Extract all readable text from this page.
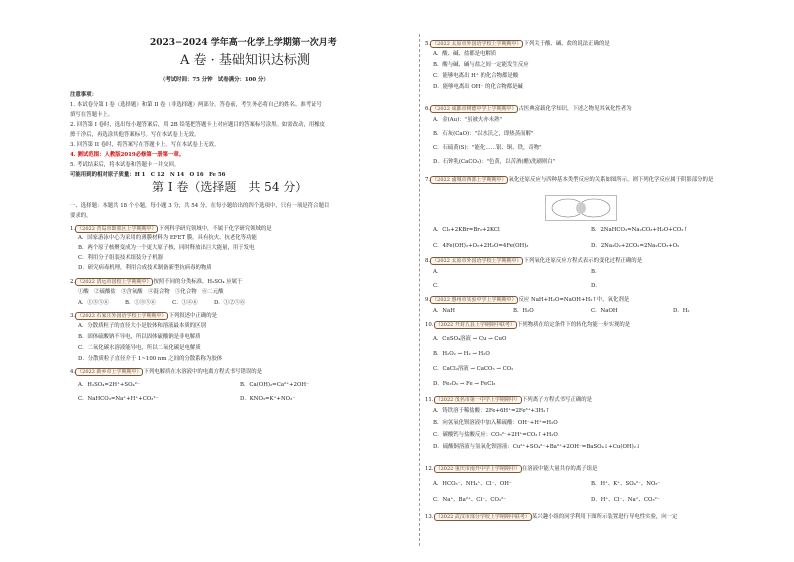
2023−2024 学年高一化学上学期第一次月考
A 卷 · 基础知识达标测
（考试时间：75 分钟　试卷满分：100 分）
注意事项：
1. 本试卷分第 I 卷（选择题）和第 II 卷（非选择题）两部分。答卷前，考生务必将自己的姓名、准考证号
填写在答题卡上。
2. 回答第 I 卷时，选出每小题答案后，用 2B 铅笔把答题卡上对应题目的答案标号涂黑。如需改动，用橡皮
擦干净后，再选涂其他答案标号。写在本试卷上无效。
3. 回答第 II 卷时，将答案写在答题卡上。写在本试卷上无效。
4. 测试范围：人教版2019必修第一册第一章。
5. 考试结束后，将本试卷和答题卡一并交回。
可能用到的相对原子质量：H 1　C 12　N 14　O 16　Fe 56
第 I 卷（选择题　共 54 分）
一、选择题：本题共 18 个小题，每小题 3 分，共 54 分。在每小题给出的四个选项中，只有一项是符合题目
要求的。
1. （2022 青岛市即墨区上学期期中） 下列科学研究领域中，不属于化学研究领域的是
A．国家游泳中心为采用的薄膜材料为 EFET 膜，具有抗火、抗老化等功能
B．两个原子核聚变成为一个更大原子核，同时释放出巨大能量，用于发电
C．利用分子组装技术组装分子机器
D．研究病毒机理，利用合成技术制备新型抗病毒的物质
2. （2022 清远市国校上学期期中） 按照不同的分类标准，H₂SO₄ 应属于
①酸　②硫酸盐　③含氧酸　④混合物　⑤化合物　⑥二元酸
A．①③⑤⑥　　　B．①③⑤⑥　　　C．①④⑥　　　D．①②⑤⑥
3. （2022 石家庄外国语学校上学期期中） 下列叙述中正确的是
A．分散质粒子的直径大小是胶体和溶液最本质的区别
B．固体硫酸钠不导电，所以固体硫酸钠是非电解质
C．二氧化碳水溶液能导电，所以二氧化碳是电解质
D．分散质粒子直径介于 1~100 nm 之间的分散系称为胶体
4. （2022 新乡市上学期期中） 下列电解质在水溶液中的电离方程式书写错误的是
A．H₂SO₄=2H⁺+SO₄²⁻	B．Ca(OH)₂=Ca²⁺+2OH⁻
C．NaHCO₃=Na⁺+H⁺+CO₃²⁻	D．KNO₃=K⁺+NO₃⁻
5. （2022 太原市外国语学校上学期期中） 下列关于酸、碱、盐的说法正确的是
A．酸、碱、盐都是电解质
B．酸与碱、碱与盐之间一定能发生反应
C．能够电离出 H⁺ 的化合物都是酸
D．能够电离出 OH⁻ 的化合物都是碱
6. （2022 成都市树德中学上学期期中） 古医典富载化学知识，下述之物见其氧化性者为
A．金(Au)："虽被火亦未熟"
B．石灰(CaO)："以水沃之，即热蒸而解"
C．石硫黄(S)："能化……银、铜、铁，奇物"
D．石钟乳(CaCO₃)："色黄，以苦酒(醋)洗刷则白"
7. （2022 浦城市西部上学期期中） 氧化还原反应与四种基本类型反应的关系如图所示，则下列化学反应属于阴影部分的是
A．Cl₂+2KBr=Br₂+2KCl	B．2NaHCO₃=Na₂CO₃+H₂O+CO₂↑
C．4Fe(OH)₂+O₂+2H₂O=4Fe(OH)₃	D．2Na₂O₂+2CO₂=2Na₂CO₃+O₂
8. （2022 太原市外国语学校上学期期中） 下列氧化还原反应方程式表示的变化过程正确的是
A．	B．
C．	D．
9. （2022 惠州市实验中学上学期期中） 反应 NaH+H₂O=NaOH+H₂↑中，氧化剂是
A．NaH	B．H₂O	C．NaOH	D．H₂
10. （2022 开封五县上学期期中联考） 下列物质在给定条件下的转化均能一步实现的是
A．CuSO₄溶液 → Cu → CuO
B．H₂O₂ → H₂ → H₂O
C．CaCl₂溶液 → CaCO₃ → CO₂
D．Fe₂O₃ → Fe → FeCl₃
11. （2022 茂名市第一中学上学期期中） 下列离子方程式书写正确的是
A．铸铁溶于稀盐酸：2Fe+6H⁺=2Fe³⁺+3H₂↑
B．向氢氧化钡溶液中加入稀硫酸：OH⁻+H⁺=H₂O
C．碳酸钙与盐酸反应：CO₃²⁻+2H⁺=CO₂↑+H₂O
D．硫酸铜溶液与氢氧化钡溶液：Cu²⁺+SO₄²⁻+Ba²⁺+2OH⁻=BaSO₄↓+Cu(OH)₂↓
12. （2022 重庆市南开中学上学期期中） 在溶液中能大量共存的离子组是
A．HCO₃⁻、NH₄⁺、Cl⁻、OH⁻	B．H⁺、K⁺、SO₄²⁻、NO₃⁻
C．Na⁺、Ba²⁺、Cl⁻、CO₃²⁻	D．H⁺、Cl⁻、Na⁺、CO₃²⁻
13. （2022 武汉市部分学校上学期期中联考） 某兴趣小组的同学利用下图所示装置进行导电性实验，向一定
